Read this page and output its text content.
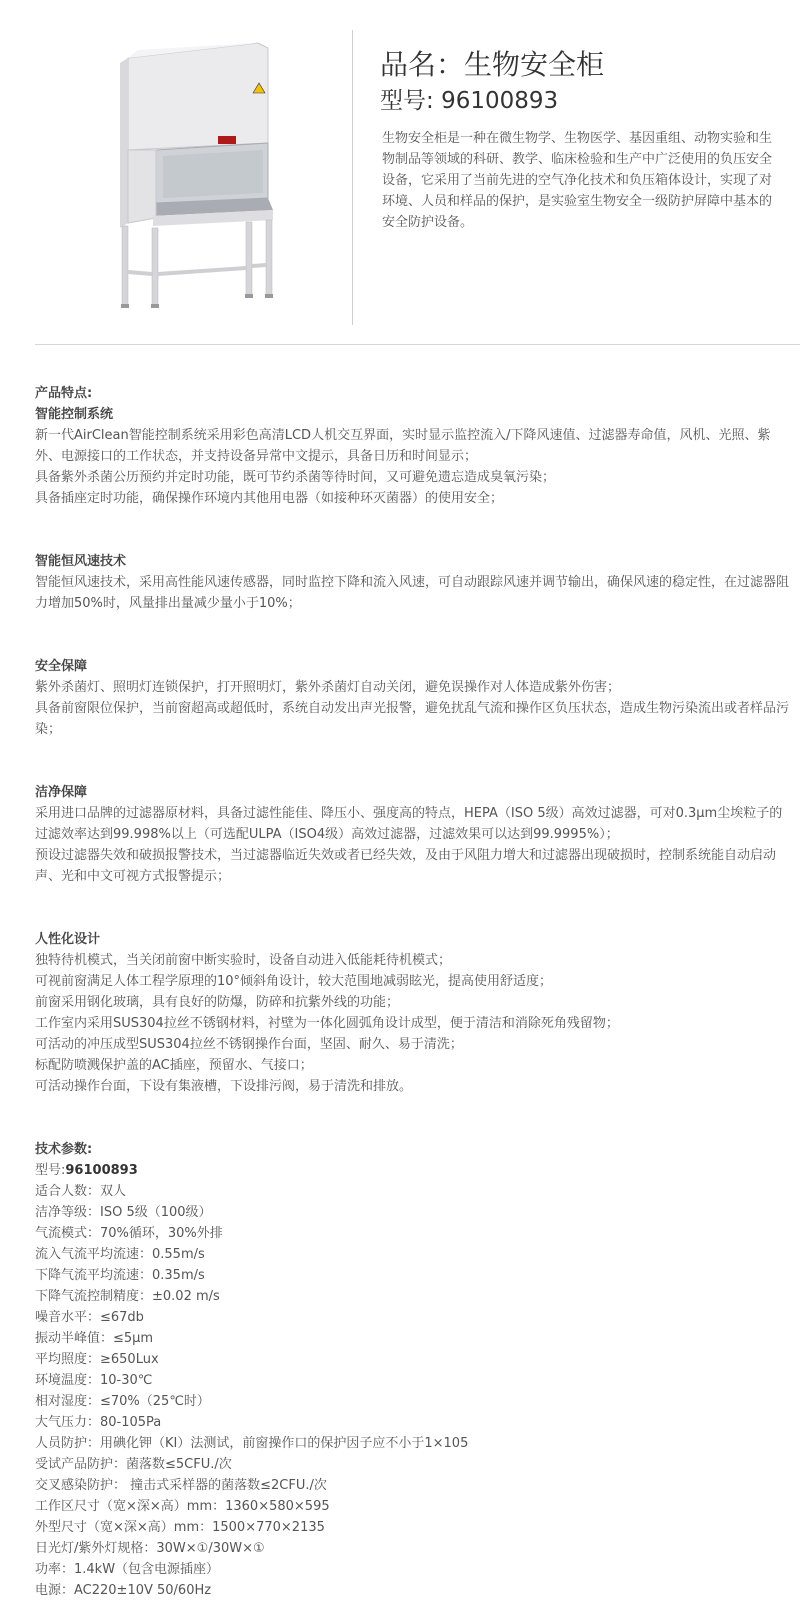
品名：生物安全柜
型号: 96100893
生物安全柜是一种在微生物学、生物医学、基因重组、动物实验和生物制品等领域的科研、教学、临床检验和生产中广泛使用的负压安全设备，它采用了当前先进的空气净化技术和负压箱体设计，实现了对环境、人员和样品的保护，是实验室生物安全一级防护屏障中基本的安全防护设备。

产品特点:

智能控制系统

新一代AirClean智能控制系统采用彩色高清LCD人机交互界面，实时显示监控流入/下降风速值、过滤器寿命值，风机、光照、紫外、电源接口的工作状态，并支持设备异常中文提示，具备日历和时间显示；

具备紫外杀菌公历预约并定时功能，既可节约杀菌等待时间，又可避免遗忘造成臭氧污染；

具备插座定时功能，确保操作环境内其他用电器（如接种环灭菌器）的使用安全；

智能恒风速技术

智能恒风速技术，采用高性能风速传感器，同时监控下降和流入风速，可自动跟踪风速并调节输出，确保风速的稳定性，在过滤器阻力增加50%时，风量排出量减少量小于10%；

安全保障

紫外杀菌灯、照明灯连锁保护，打开照明灯，紫外杀菌灯自动关闭，避免误操作对人体造成紫外伤害；

具备前窗限位保护，当前窗超高或超低时，系统自动发出声光报警，避免扰乱气流和操作区负压状态，造成生物污染流出或者样品污染；

洁净保障

采用进口品牌的过滤器原材料，具备过滤性能佳、降压小、强度高的特点，HEPA（ISO 5级）高效过滤器，可对0.3μm尘埃粒子的过滤效率达到99.998%以上（可选配ULPA（ISO4级）高效过滤器，过滤效果可以达到99.9995%）；

预设过滤器失效和破损报警技术，当过滤器临近失效或者已经失效，及由于风阻力增大和过滤器出现破损时，控制系统能自动启动声、光和中文可视方式报警提示；

人性化设计

独特待机模式，当关闭前窗中断实验时，设备自动进入低能耗待机模式；

可视前窗满足人体工程学原理的10°倾斜角设计，较大范围地减弱眩光，提高使用舒适度；

前窗采用钢化玻璃，具有良好的防爆，防碎和抗紫外线的功能；

工作室内采用SUS304拉丝不锈钢材料，衬壁为一体化圆弧角设计成型，便于清洁和消除死角残留物；

可活动的冲压成型SUS304拉丝不锈钢操作台面，坚固、耐久、易于清洗；

标配防喷溅保护盖的AC插座，预留水、气接口；

可活动操作台面，下设有集液槽，下设排污阀，易于清洗和排放。

技术参数:

型号:96100893

适合人数：双人

洁净等级：ISO 5级（100级）

气流模式：70%循环，30%外排

流入气流平均流速：0.55m/s

下降气流平均流速：0.35m/s

下降气流控制精度：±0.02 m/s

噪音水平：≤67db

振动半峰值：≤5μm

平均照度：≥650Lux

环境温度：10-30℃

相对湿度：≤70%（25℃时）

大气压力：80-105Pa

人员防护：用碘化钾（KI）法测试，前窗操作口的保护因子应不小于1×105

受试产品防护：菌落数≤5CFU./次

交叉感染防护： 撞击式采样器的菌落数≤2CFU./次

工作区尺寸（宽×深×高）mm：1360×580×595

外型尺寸（宽×深×高）mm：1500×770×2135

日光灯/紫外灯规格：30W×①/30W×①

功率：1.4kW（包含电源插座）

电源：AC220±10V 50/60Hz
